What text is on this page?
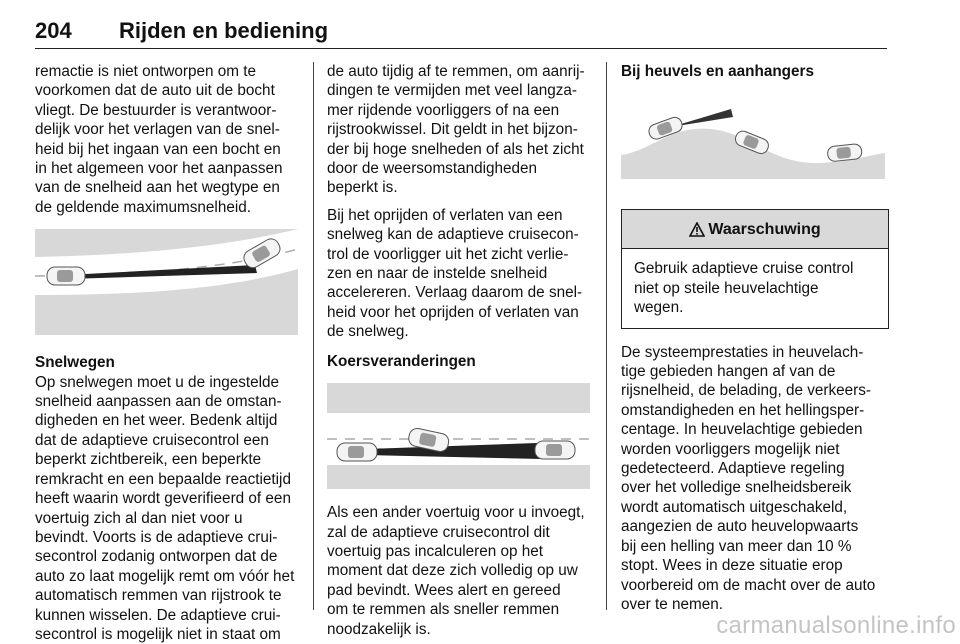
204 Rijden en bediening

remactie is niet ontworpen om te
voorkomen dat de auto uit de bocht
vliegt. De bestuurder is verantwoor-
delijk voor het verlagen van de snel-
heid bij het ingaan van een bocht en
in het algemeen voor het aanpassen
van de snelheid aan het wegtype en
de geldende maximumsnelheid.

Snelwegen

Op snelwegen moet u de ingestelde
snelheid aanpassen aan de omstan-
digheden en het weer. Bedenk altijd
dat de adaptieve cruisecontrol een
beperkt zichtbereik, een beperkte
remkracht en een bepaalde reactietijd
heeft waarin wordt geverifieerd of een
voertuig zich al dan niet voor u
bevindt. Voorts is de adaptieve crui-
secontrol zodanig ontworpen dat de
auto zo laat mogelijk remt om vóór het
automatisch remmen van rijstrook te
kunnen wisselen. De adaptieve crui-
secontrol is mogelijk niet in staat om

de auto tijdig af te remmen, om aanrij-
dingen te vermijden met veel langza-
mer rijdende voorliggers of na een
rijstrookwissel. Dit geldt in het bijzon-
der bij hoge snelheden of als het zicht
door de weersomstandigheden
beperkt is.

Bij het oprijden of verlaten van een
snelweg kan de adaptieve cruisecon-
trol de voorligger uit het zicht verlie-
zen en naar de instelde snelheid
accelereren. Verlaag daarom de snel-
heid voor het oprijden of verlaten van
de snelweg.

Koersveranderingen

Als een ander voertuig voor u invoegt,
zal de adaptieve cruisecontrol dit
voertuig pas incalculeren op het
moment dat deze zich volledig op uw
pad bevindt. Wees alert en gereed
om te remmen als sneller remmen
noodzakelijk is.

Bij heuvels en aanhangers

Waarschuwing
Gebruik adaptieve cruise control
niet op steile heuvelachtige
wegen.

De systeemprestaties in heuvelach-
tige gebieden hangen af van de
rijsnelheid, de belading, de verkeers-
omstandigheden en het hellingsper-
centage. In heuvelachtige gebieden
worden voorliggers mogelijk niet
gedetecteerd. Adaptieve regeling
over het volledige snelheidsbereik
wordt automatisch uitgeschakeld,
aangezien de auto heuvelopwaarts
bij een helling van meer dan 10 %
stopt. Wees in deze situatie erop
voorbereid om de macht over de auto
over te nemen.

carmanualsonline.info
